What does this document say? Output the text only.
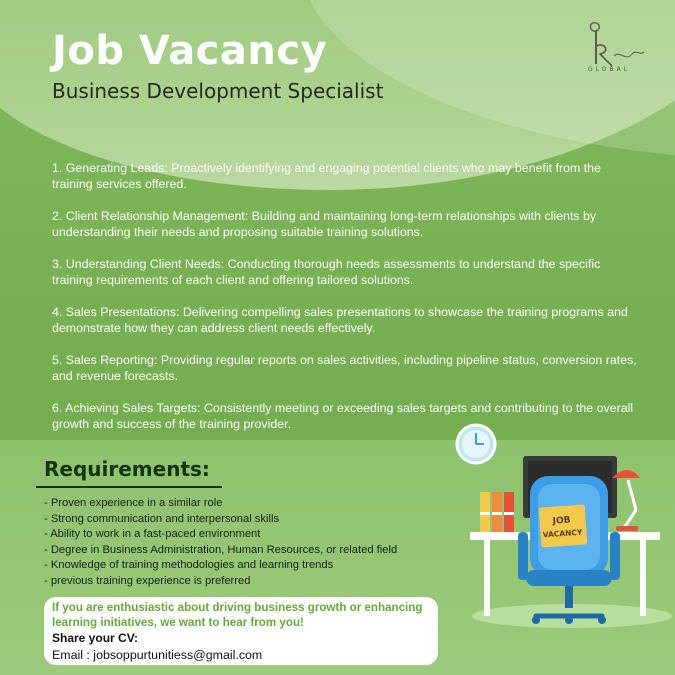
Job Vacancy
Business Development Specialist
GLOBAL
1. Generating Leads: Proactively identifying and engaging potential clients who may benefit from the training services offered.
2. Client Relationship Management: Building and maintaining long-term relationships with clients by understanding their needs and proposing suitable training solutions.
3. Understanding Client Needs: Conducting thorough needs assessments to understand the specific training requirements of each client and offering tailored solutions.
4. Sales Presentations: Delivering compelling sales presentations to showcase the training programs and demonstrate how they can address client needs effectively.
5. Sales Reporting: Providing regular reports on sales activities, including pipeline status, conversion rates, and revenue forecasts.
6. Achieving Sales Targets: Consistently meeting or exceeding sales targets and contributing to the overall growth and success of the training provider.
Requirements:
- Proven experience in a similar role
- Strong communication and interpersonal skills
- Ability to work in a fast-paced environment
- Degree in Business Administration, Human Resources, or related field
- Knowledge of training methodologies and learning trends
- previous training experience is preferred
If you are enthusiastic about driving business growth or enhancing learning initiatives, we want to hear from you!
Share your CV:
Email : jobsoppurtunitiess@gmail.com
JOB
VACANCY
